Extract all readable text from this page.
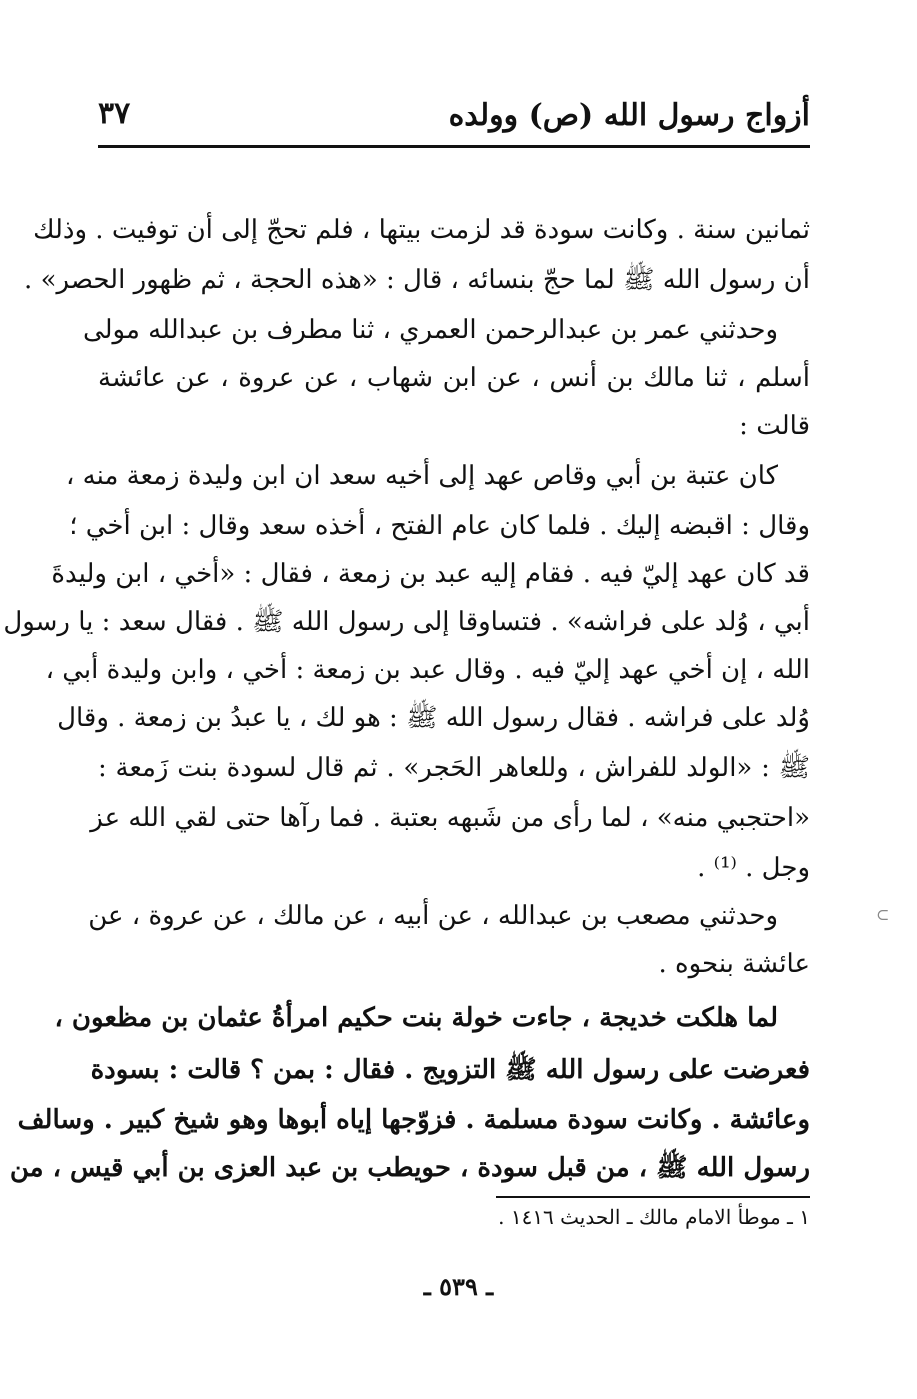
أزواج رسول الله (ص) وولده
٣٧
ثمانين سنة . وكانت سودة قد لزمت بيتها ، فلم تحجّ إلى أن توفيت . وذلك
أن رسول الله ﷺ لما حجّ بنسائه ، قال : «هذه الحجة ، ثم ظهور الحصر» .
وحدثني عمر بن عبدالرحمن العمري ، ثنا مطرف بن عبدالله مولى
أسلم ، ثنا مالك بن أنس ، عن ابن شهاب ، عن عروة ، عن عائشة
قالت :
كان عتبة بن أبي وقاص عهد إلى أخيه سعد ان ابن وليدة زمعة منه ،
وقال : اقبضه إليك . فلما كان عام الفتح ، أخذه سعد وقال : ابن أخي ؛
قد كان عهد إليّ فيه . فقام إليه عبد بن زمعة ، فقال : «أخي ، ابن وليدةَ
أبي ، وُلد على فراشه» . فتساوقا إلى رسول الله ﷺ . فقال سعد : يا رسول
الله ، إن أخي عهد إليّ فيه . وقال عبد بن زمعة : أخي ، وابن وليدة أبي ،
وُلد على فراشه . فقال رسول الله ﷺ : هو لك ، يا عبدُ بن زمعة . وقال
ﷺ : «الولد للفراش ، وللعاهر الحَجر» . ثم قال لسودة بنت زَمعة :
«احتجبي منه» ، لما رأى من شَبهه بعتبة . فما رآها حتى لقي الله عز
وجل . ⁽¹⁾ .
وحدثني مصعب بن عبدالله ، عن أبيه ، عن مالك ، عن عروة ، عن
عائشة بنحوه .
لما هلكت خديجة ، جاءت خولة بنت حكيم امرأةُ عثمان بن مظعون ،
فعرضت على رسول الله ﷺ التزويج . فقال : بمن ؟ قالت : بسودة
وعائشة . وكانت سودة مسلمة . فزوّجها إياه أبوها وهو شيخ كبير . وسالف
رسول الله ﷺ ، من قبل سودة ، حويطب بن عبد العزى بن أبي قيس ، من
١ ـ موطأ الامام مالك ـ الحديث ١٤١٦ .
ـ ٥٣٩ ـ
⊂
